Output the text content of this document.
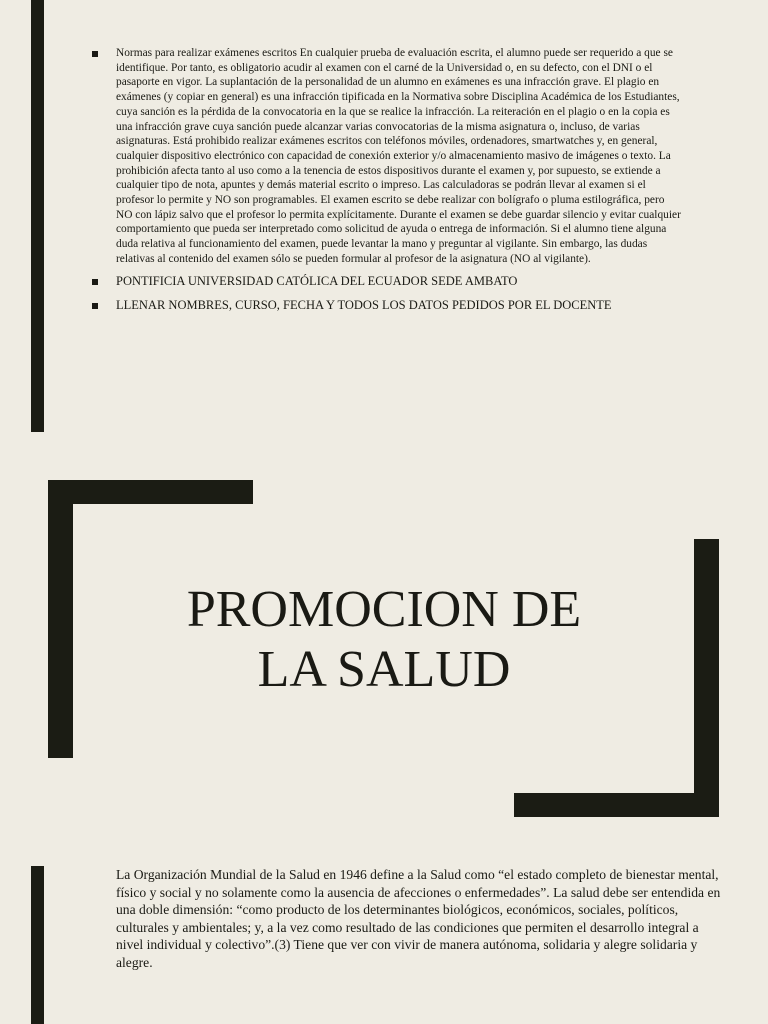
Normas para realizar exámenes escritos En cualquier prueba de evaluación escrita, el alumno puede ser requerido a que se identifique. Por tanto, es obligatorio acudir al examen con el carné de la Universidad o, en su defecto, con el DNI o el pasaporte en vigor. La suplantación de la personalidad de un alumno en exámenes es una infracción grave. El plagio en exámenes (y copiar en general) es una infracción tipificada en la Normativa sobre Disciplina Académica de los Estudiantes, cuya sanción es la pérdida de la convocatoria en la que se realice la infracción. La reiteración en el plagio o en la copia es una infracción grave cuya sanción puede alcanzar varias convocatorias de la misma asignatura o, incluso, de varias asignaturas. Está prohibido realizar exámenes escritos con teléfonos móviles, ordenadores, smartwatches y, en general, cualquier dispositivo electrónico con capacidad de conexión exterior y/o almacenamiento masivo de imágenes o texto. La prohibición afecta tanto al uso como a la tenencia de estos dispositivos durante el examen y, por supuesto, se extiende a cualquier tipo de nota, apuntes y demás material escrito o impreso. Las calculadoras se podrán llevar al examen si el profesor lo permite y NO son programables. El examen escrito se debe realizar con bolígrafo o pluma estilográfica, pero NO con lápiz salvo que el profesor lo permita explícitamente. Durante el examen se debe guardar silencio y evitar cualquier comportamiento que pueda ser interpretado como solicitud de ayuda o entrega de información. Si el alumno tiene alguna duda relativa al funcionamiento del examen, puede levantar la mano y preguntar al vigilante. Sin embargo, las dudas relativas al contenido del examen sólo se pueden formular al profesor de la asignatura (NO al vigilante).
PONTIFICIA UNIVERSIDAD CATÓLICA DEL ECUADOR SEDE AMBATO
LLENAR NOMBRES, CURSO, FECHA Y TODOS LOS DATOS PEDIDOS POR EL DOCENTE
PROMOCION DE
LA SALUD

La Organización Mundial de la Salud en 1946 define a la Salud como “el estado completo de bienestar mental, físico y social y no solamente como la ausencia de afecciones o enfermedades”. La salud debe ser entendida en una doble dimensión: “como producto de los determinantes biológicos, económicos, sociales, políticos, culturales y ambientales; y, a la vez como resultado de las condiciones que permiten el desarrollo integral a nivel individual y colectivo”.(3) Tiene que ver con vivir de manera autónoma, solidaria y alegre solidaria y alegre.
